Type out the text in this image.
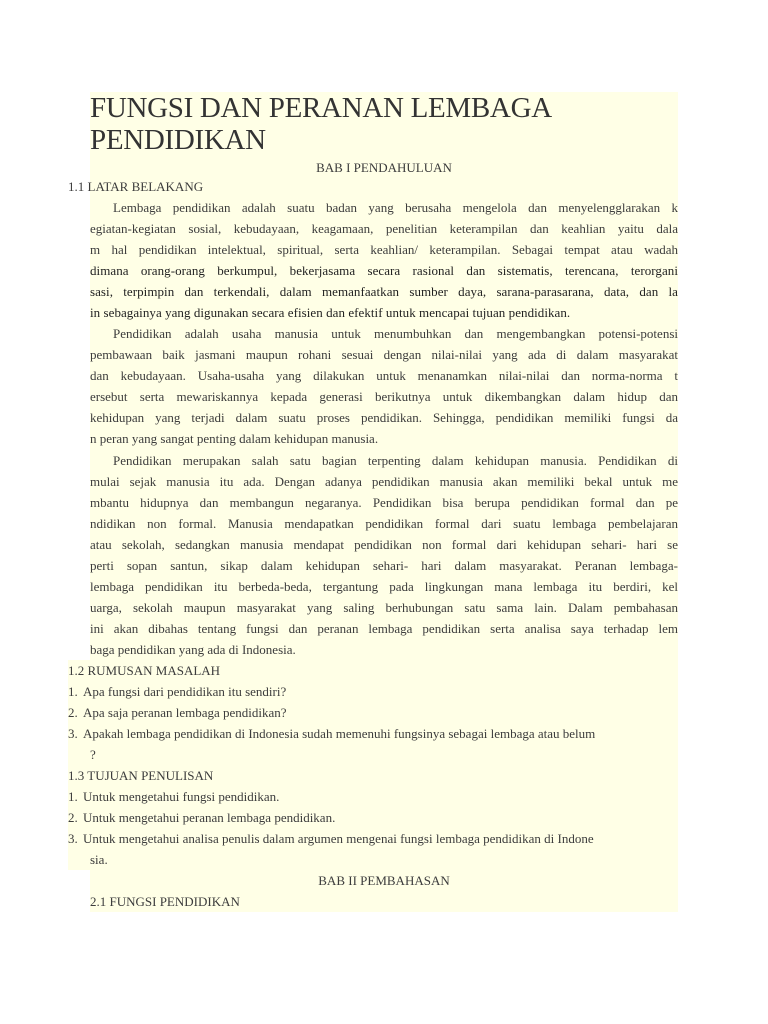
FUNGSI DAN PERANAN LEMBAGA
PENDIDIKAN
BAB I PENDAHULUAN
1.1 LATAR BELAKANG
Lembaga pendidikan adalah suatu badan yang berusaha mengelola dan menyelenggl​arakan k
egiatan-kegiatan sosial, kebudayaan, keagamaan, penelitian keterampilan dan keahlian yaitu dala
m hal pendidikan intelektual, spiritual, serta keahlian/ keterampilan. Sebagai tempat atau wadah
dimana orang-orang berkumpul, bekerjasama secara rasional dan sistematis, terencana, terorgani
sasi, terpimpin dan terkendali, dalam memanfaatkan sumber daya, sarana-parasarana, data, dan la
in sebagainya yang digunakan secara efisien dan efektif untuk mencapai tujuan pendidikan.
Pendidikan adalah usaha manusia untuk menumbuhkan dan mengembangkan potensi-potensi
pembawaan baik jasmani maupun rohani sesuai dengan nilai-nilai yang ada di dalam masyarakat
dan kebudayaan. Usaha-usaha yang dilakukan untuk menanamkan nilai-nilai dan norma-norma t
ersebut serta mewariskannya kepada generasi berikutnya untuk dikembangkan dalam hidup dan
kehidupan yang terjadi dalam suatu proses pendidikan. Sehingga, pendidikan memiliki fungsi da
n peran yang sangat penting dalam kehidupan manusia.
Pendidikan merupakan salah satu bagian terpenting dalam kehidupan manusia. Pendidikan di
mulai sejak manusia itu ada. Dengan adanya pendidikan manusia akan memiliki bekal untuk me
mbantu hidupnya dan membangun negaranya. Pendidikan bisa berupa pendidikan formal dan pe
ndidikan non formal. Manusia mendapatkan pendidikan formal dari suatu lembaga pembelajaran
atau sekolah, sedangkan manusia mendapat pendidikan non formal dari kehidupan sehari- hari se
perti sopan santun, sikap dalam kehidupan sehari- hari dalam masyarakat. Peranan lembaga-
lembaga pendidikan itu berbeda-beda, tergantung pada lingkungan mana lembaga itu berdiri, kel
uarga, sekolah maupun masyarakat yang saling berhubungan satu sama lain. Dalam pembahasan
ini akan dibahas tentang fungsi dan peranan lembaga pendidikan serta analisa saya terhadap lem
baga pendidikan yang ada di Indonesia.
1.2 RUMUSAN MASALAH
1. Apa fungsi dari pendidikan itu sendiri?
2. Apa saja peranan lembaga pendidikan?
3. Apakah lembaga pendidikan di Indonesia sudah memenuhi fungsinya sebagai lembaga atau belum
?
1.3 TUJUAN PENULISAN
1. Untuk mengetahui fungsi pendidikan.
2. Untuk mengetahui peranan lembaga pendidikan.
3. Untuk mengetahui analisa penulis dalam argumen mengenai fungsi lembaga pendidikan di Indone
sia.
BAB II PEMBAHASAN
2.1 FUNGSI PENDIDIKAN
